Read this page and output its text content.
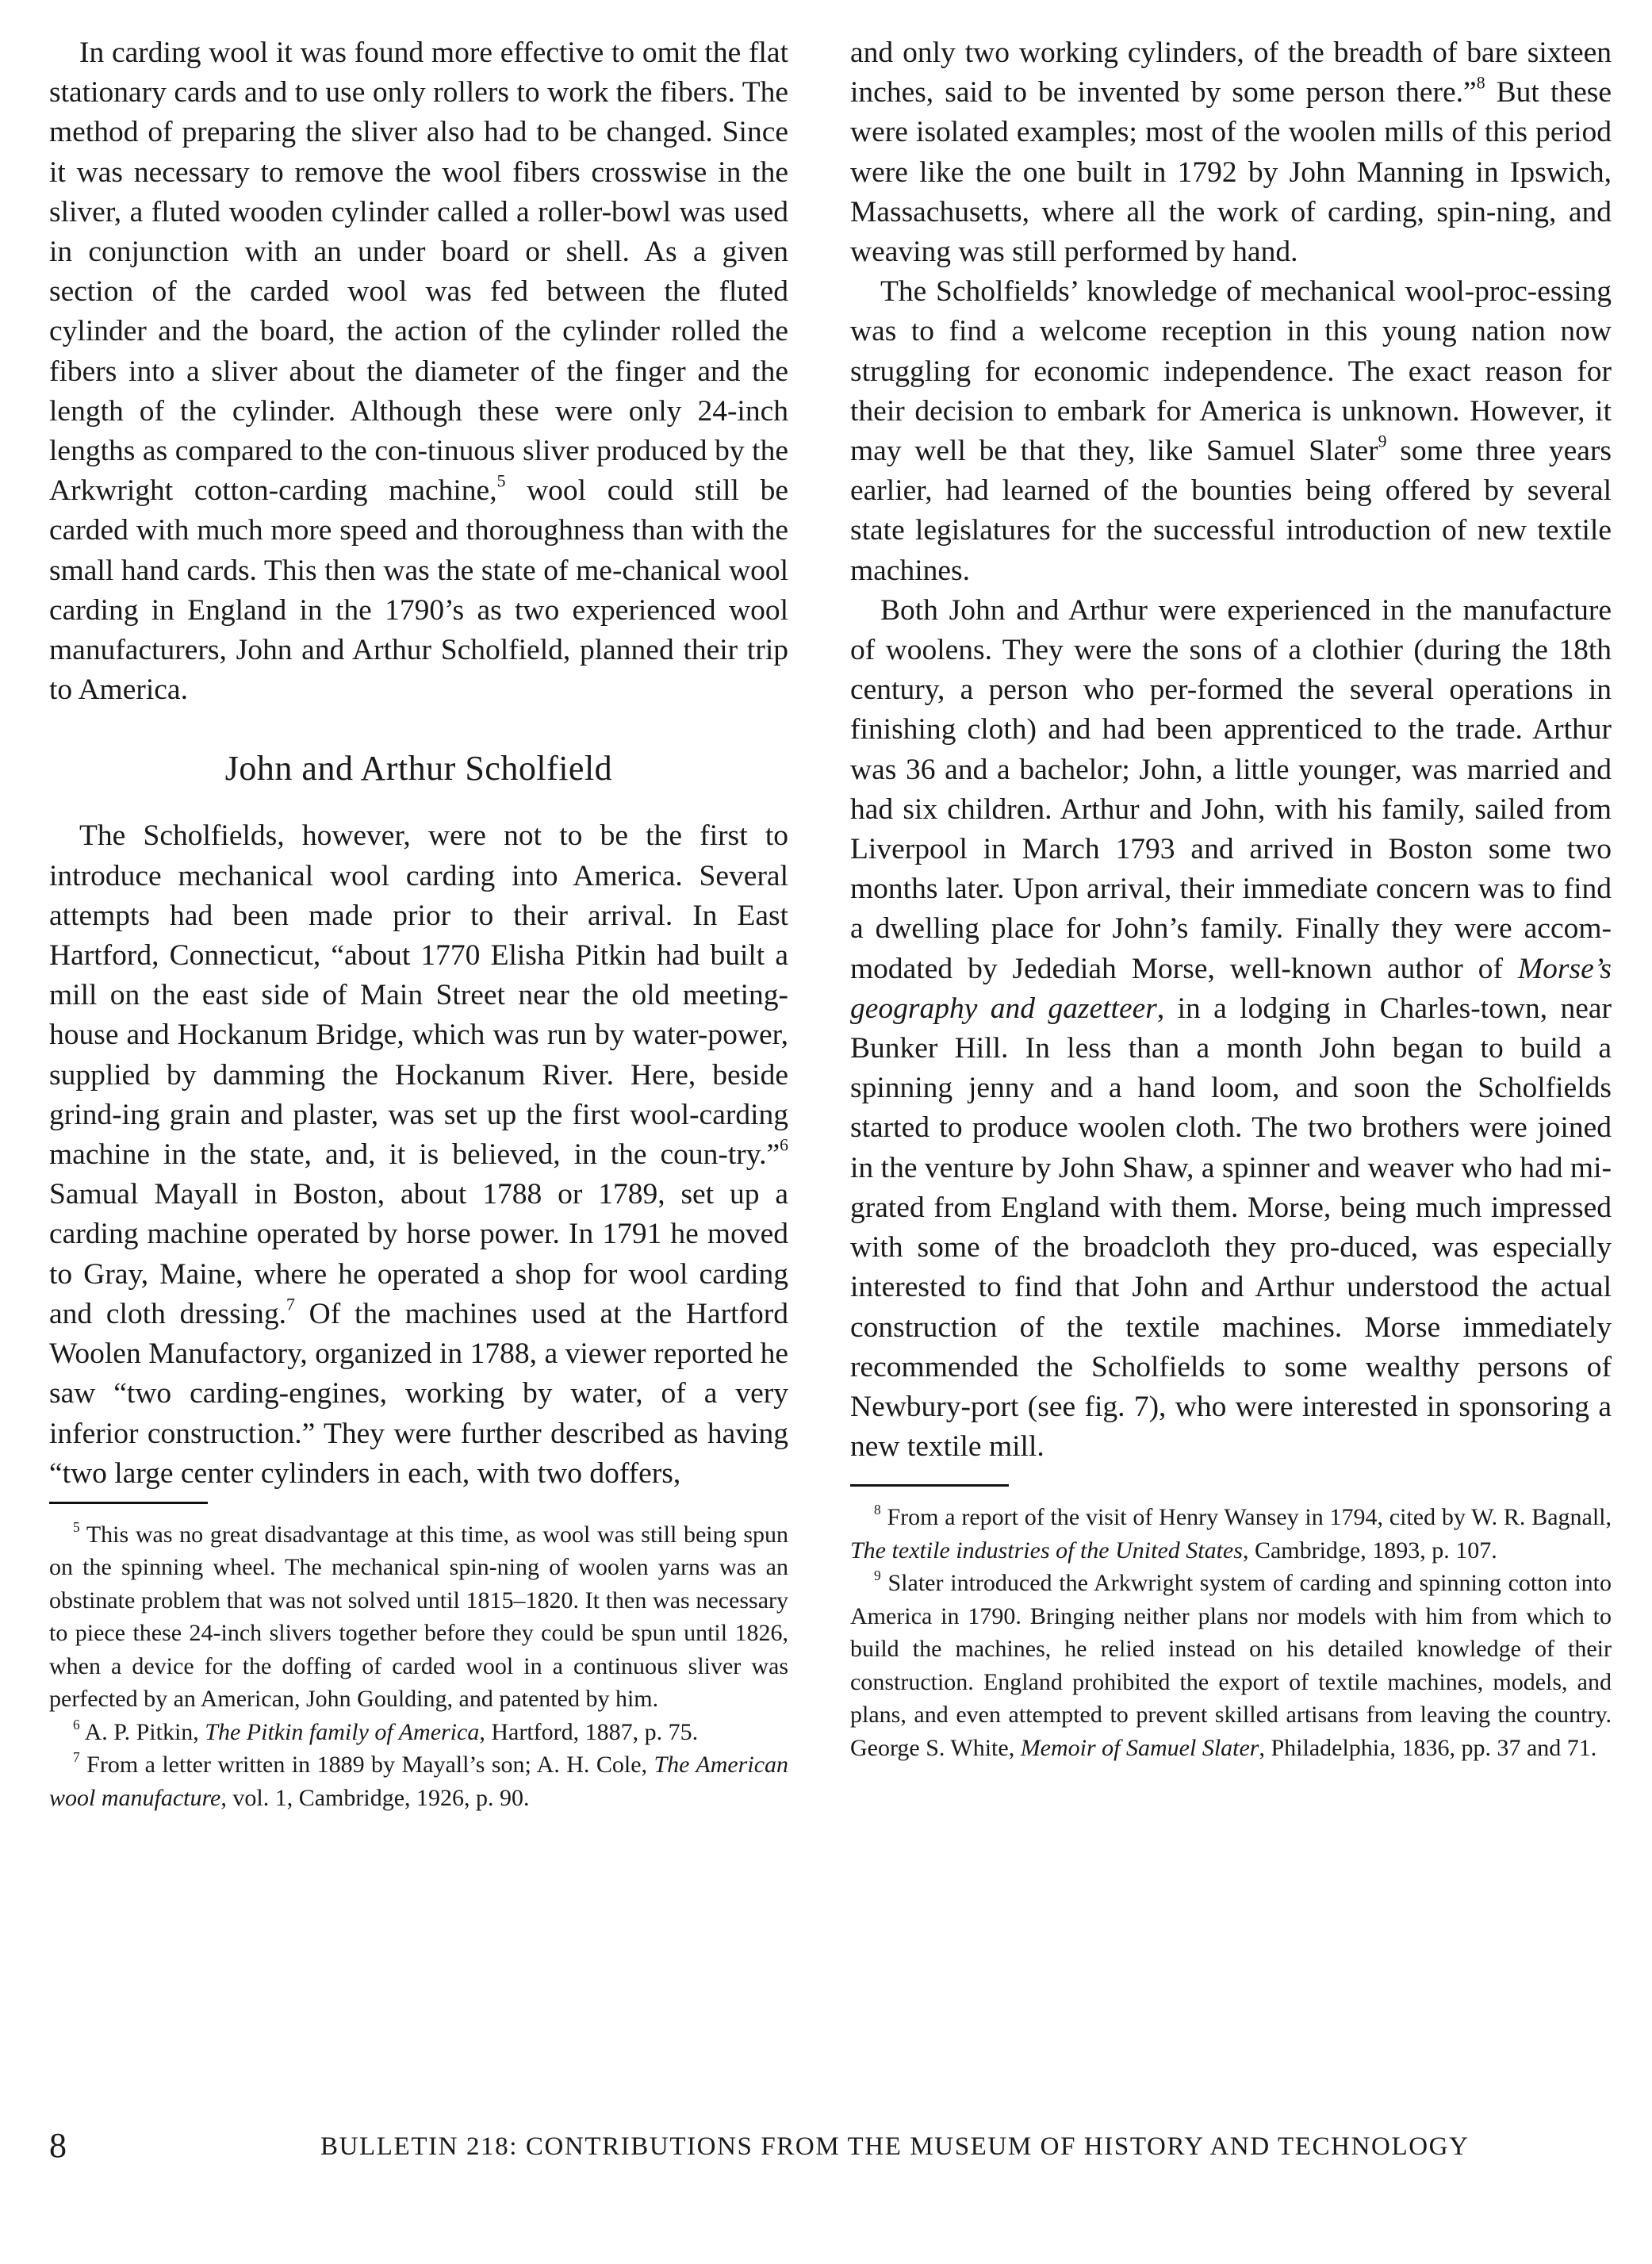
In carding wool it was found more effective to omit the flat stationary cards and to use only rollers to work the fibers. The method of preparing the sliver also had to be changed. Since it was necessary to remove the wool fibers crosswise in the sliver, a fluted wooden cylinder called a roller-bowl was used in conjunction with an under board or shell. As a given section of the carded wool was fed between the fluted cylinder and the board, the action of the cylinder rolled the fibers into a sliver about the diameter of the finger and the length of the cylinder. Although these were only 24-inch lengths as compared to the con-tinuous sliver produced by the Arkwright cotton-carding machine,$^5$ wool could still be carded with much more speed and thoroughness than with the small hand cards. This then was the state of me-chanical wool carding in England in the 1790’s as two experienced wool manufacturers, John and Arthur Scholfield, planned their trip to America.

John and Arthur Scholfield

The Scholfields, however, were not to be the first to introduce mechanical wool carding into America. Several attempts had been made prior to their arrival. In East Hartford, Connecticut, “about 1770 Elisha Pitkin had built a mill on the east side of Main Street near the old meeting-house and Hockanum Bridge, which was run by water-power, supplied by damming the Hockanum River. Here, beside grind-ing grain and plaster, was set up the first wool-carding machine in the state, and, it is believed, in the coun-try.”$^6$ Samual Mayall in Boston, about 1788 or 1789, set up a carding machine operated by horse power. In 1791 he moved to Gray, Maine, where he operated a shop for wool carding and cloth dressing.$^7$ Of the machines used at the Hartford Woolen Manufactory, organized in 1788, a viewer reported he saw “two carding-engines, working by water, of a very inferior construction.” They were further described as having “two large center cylinders in each, with two doffers,

$^5$ This was no great disadvantage at this time, as wool was still being spun on the spinning wheel. The mechanical spin-ning of woolen yarns was an obstinate problem that was not solved until 1815–1820. It then was necessary to piece these 24-inch slivers together before they could be spun until 1826, when a device for the doffing of carded wool in a continuous sliver was perfected by an American, John Goulding, and patented by him.

$^6$ A. P. Pitkin, The Pitkin family of America, Hartford, 1887, p. 75.

$^7$ From a letter written in 1889 by Mayall’s son; A. H. Cole, The American wool manufacture, vol. 1, Cambridge, 1926, p. 90.

and only two working cylinders, of the breadth of bare sixteen inches, said to be invented by some person there.”$^8$ But these were isolated examples; most of the woolen mills of this period were like the one built in 1792 by John Manning in Ipswich, Massachusetts, where all the work of carding, spin-ning, and weaving was still performed by hand.

The Scholfields’ knowledge of mechanical wool-proc-essing was to find a welcome reception in this young nation now struggling for economic independence. The exact reason for their decision to embark for America is unknown. However, it may well be that they, like Samuel Slater$^9$ some three years earlier, had learned of the bounties being offered by several state legislatures for the successful introduction of new textile machines.

Both John and Arthur were experienced in the manufacture of woolens. They were the sons of a clothier (during the 18th century, a person who per-formed the several operations in finishing cloth) and had been apprenticed to the trade. Arthur was 36 and a bachelor; John, a little younger, was married and had six children. Arthur and John, with his family, sailed from Liverpool in March 1793 and arrived in Boston some two months later. Upon arrival, their immediate concern was to find a dwelling place for John’s family. Finally they were accom-modated by Jedediah Morse, well-known author of Morse’s geography and gazetteer, in a lodging in Charles-town, near Bunker Hill. In less than a month John began to build a spinning jenny and a hand loom, and soon the Scholfields started to produce woolen cloth. The two brothers were joined in the venture by John Shaw, a spinner and weaver who had mi-grated from England with them. Morse, being much impressed with some of the broadcloth they pro-duced, was especially interested to find that John and Arthur understood the actual construction of the textile machines. Morse immediately recommended the Scholfields to some wealthy persons of Newbury-port (see fig. 7), who were interested in sponsoring a new textile mill.

$^8$ From a report of the visit of Henry Wansey in 1794, cited by W. R. Bagnall, The textile industries of the United States, Cambridge, 1893, p. 107.

$^9$ Slater introduced the Arkwright system of carding and spinning cotton into America in 1790. Bringing neither plans nor models with him from which to build the machines, he relied instead on his detailed knowledge of their construction. England prohibited the export of textile machines, models, and plans, and even attempted to prevent skilled artisans from leaving the country. George S. White, Memoir of Samuel Slater, Philadelphia, 1836, pp. 37 and 71.

8	BULLETIN 218: CONTRIBUTIONS FROM THE MUSEUM OF HISTORY AND TECHNOLOGY
